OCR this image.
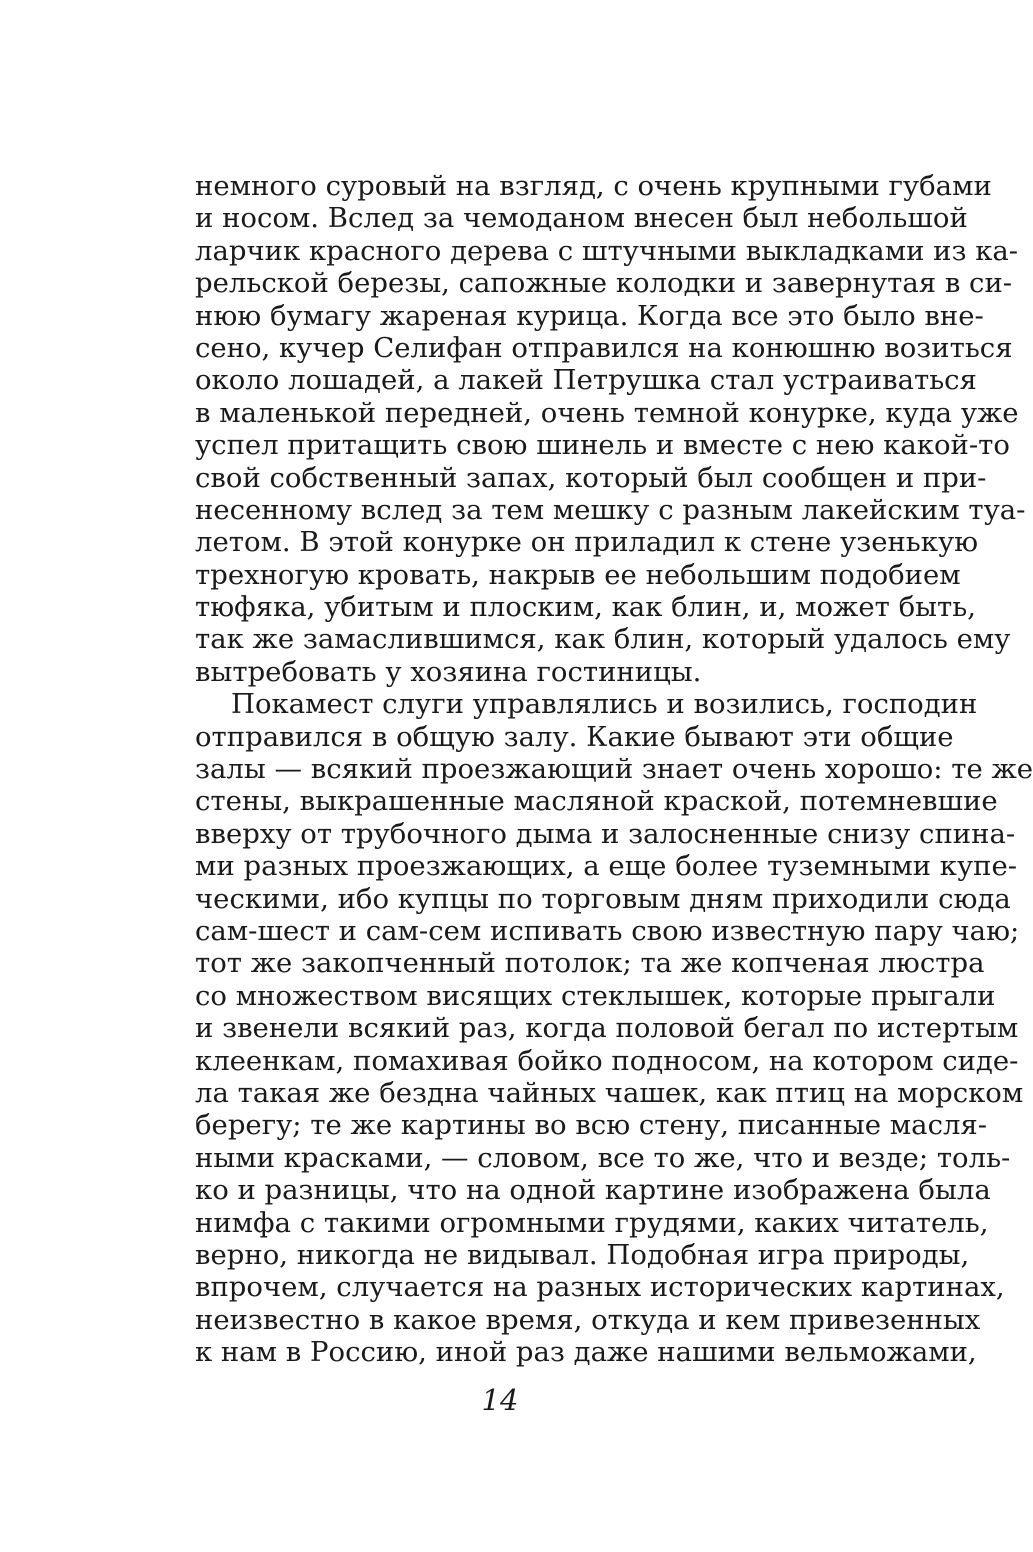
немного суровый на взгляд, с очень крупными губами
и носом. Вслед за чемоданом внесен был небольшой
ларчик красного дерева с штучными выкладками из ка-
рельской березы, сапожные колодки и завернутая в си-
нюю бумагу жареная курица. Когда все это было вне-
сено, кучер Селифан отправился на конюшню возиться
около лошадей, а лакей Петрушка стал устраиваться
в маленькой передней, очень темной конурке, куда уже
успел притащить свою шинель и вместе с нею какой-то
свой собственный запах, который был сообщен и при-
несенному вслед за тем мешку с разным лакейским туа-
летом. В этой конурке он приладил к стене узенькую
трехногую кровать, накрыв ее небольшим подобием
тюфяка, убитым и плоским, как блин, и, может быть,
так же замаслившимся, как блин, который удалось ему
вытребовать у хозяина гостиницы.
Покамест слуги управлялись и возились, господин
отправился в общую залу. Какие бывают эти общие
залы — всякий проезжающий знает очень хорошо: те же
стены, выкрашенные масляной краской, потемневшие
вверху от трубочного дыма и залосненные снизу спина-
ми разных проезжающих, а еще более туземными купе-
ческими, ибо купцы по торговым дням приходили сюда
сам-шест и сам-сем испивать свою известную пару чаю;
тот же закопченный потолок; та же копченая люстра
со множеством висящих стеклышек, которые прыгали
и звенели всякий раз, когда половой бегал по истертым
клеенкам, помахивая бойко подносом, на котором сиде-
ла такая же бездна чайных чашек, как птиц на морском
берегу; те же картины во всю стену, писанные масля-
ными красками, — словом, все то же, что и везде; толь-
ко и разницы, что на одной картине изображена была
нимфа с такими огромными грудями, каких читатель,
верно, никогда не видывал. Подобная игра природы,
впрочем, случается на разных исторических картинах,
неизвестно в какое время, откуда и кем привезенных
к нам в Россию, иной раз даже нашими вельможами,
14
